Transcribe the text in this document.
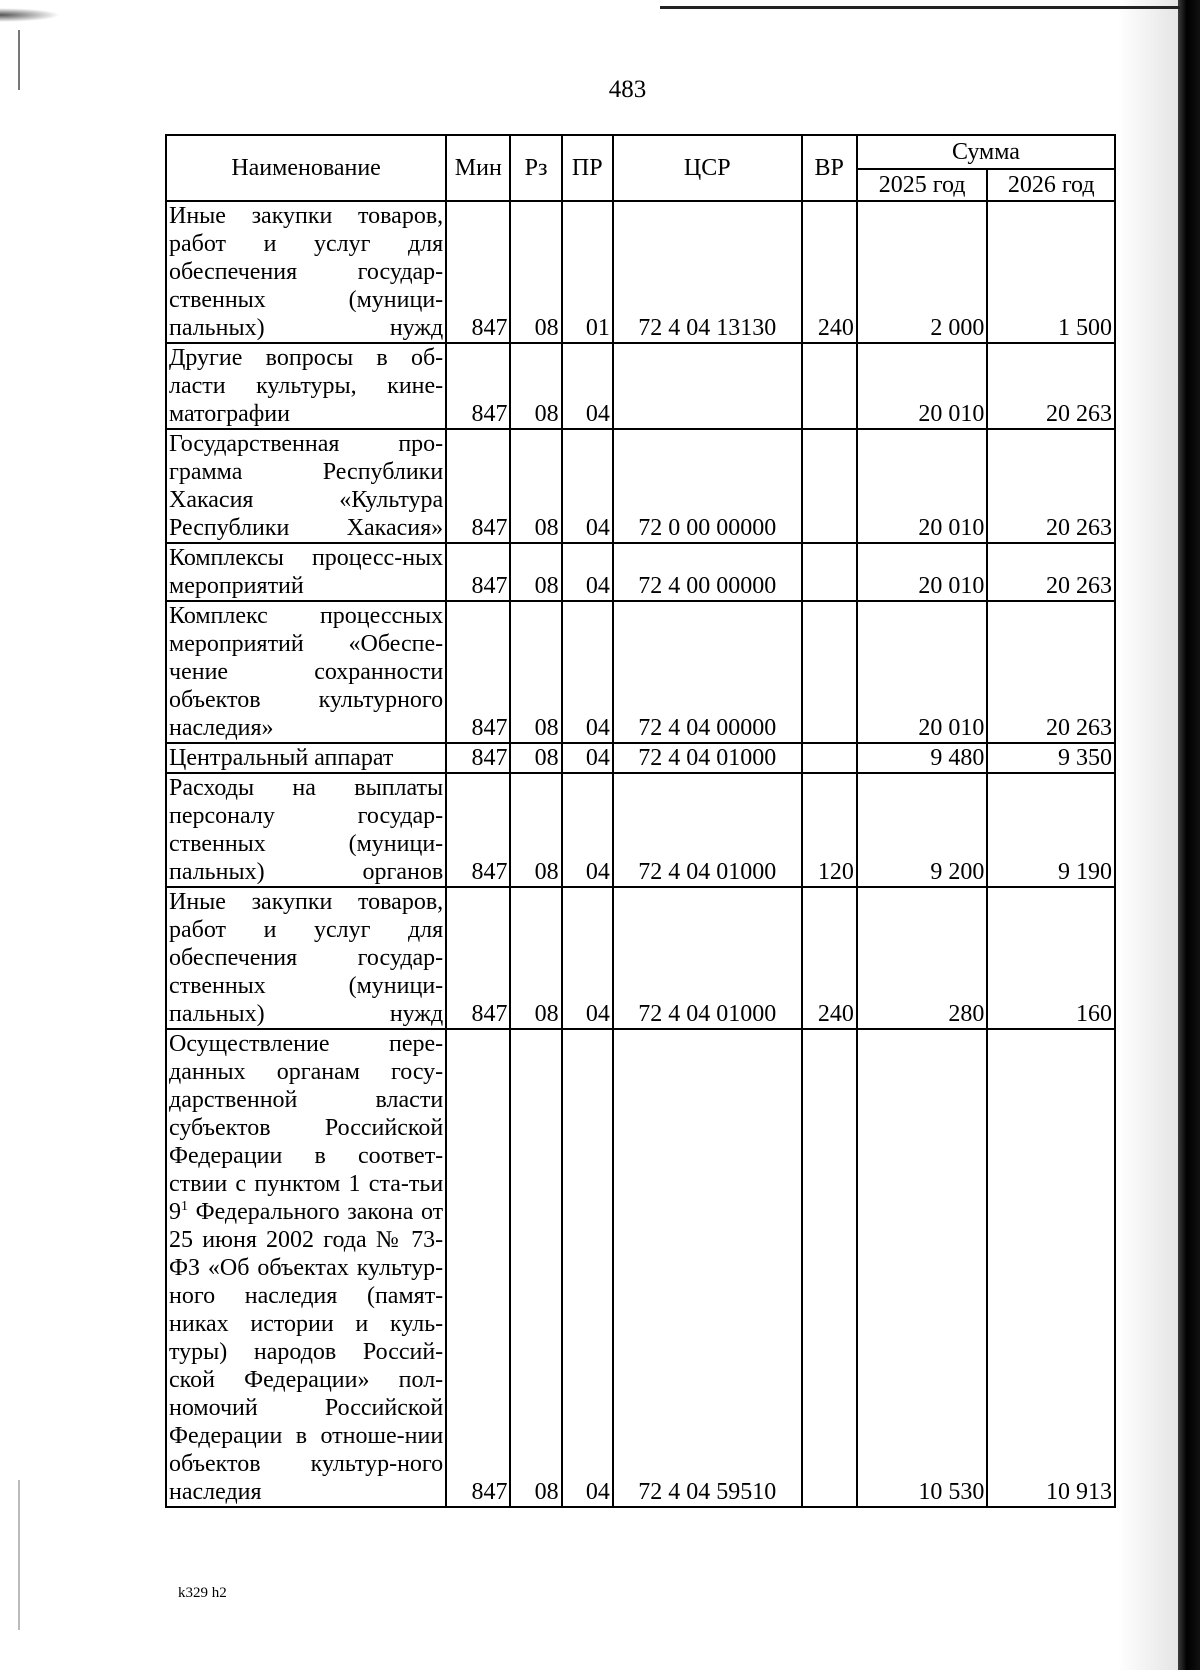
483
Наименование	Мин	Рз	ПР	ЦСР	ВР	Сумма	
						2025 год	2026 год
Иные закупки товаров, работ и услуг для обеспечения государ-ственных (муници-пальных) нужд	847	08	01	72 4 04 13130	240	2 000	1 500
Другие вопросы в об-ласти культуры, кине-матографии	847	08	04			20 010	20 263
Государственная про-грамма Республики Хакасия «Культура Республики Хакасия»	847	08	04	72 0 00 00000		20 010	20 263
Комплексы процесс-ных мероприятий	847	08	04	72 4 00 00000		20 010	20 263
Комплекс процессных мероприятий «Обеспе-чение сохранности объектов культурного наследия»	847	08	04	72 4 04 00000		20 010	20 263
Центральный аппарат	847	08	04	72 4 04 01000		9 480	9 350
Расходы на выплаты персоналу государ-ственных (муници-пальных) органов	847	08	04	72 4 04 01000	120	9 200	9 190
Иные закупки товаров, работ и услуг для обеспечения государ-ственных (муници-пальных) нужд	847	08	04	72 4 04 01000	240	280	160
Осуществление пере-данных органам госу-дарственной власти субъектов Российской Федерации в соответ-ствии с пунктом 1 ста-тьи $9^1$ Федерального закона от 25 июня 2002 года № 73-ФЗ «Об объектах культур-ного наследия (памят-никах истории и куль-туры) народов Россий-ской Федерации» пол-номочий Российской Федерации в отноше-нии объектов культур-ного наследия	847	08	04	72 4 04 59510		10 530	10 913
k329 h2
